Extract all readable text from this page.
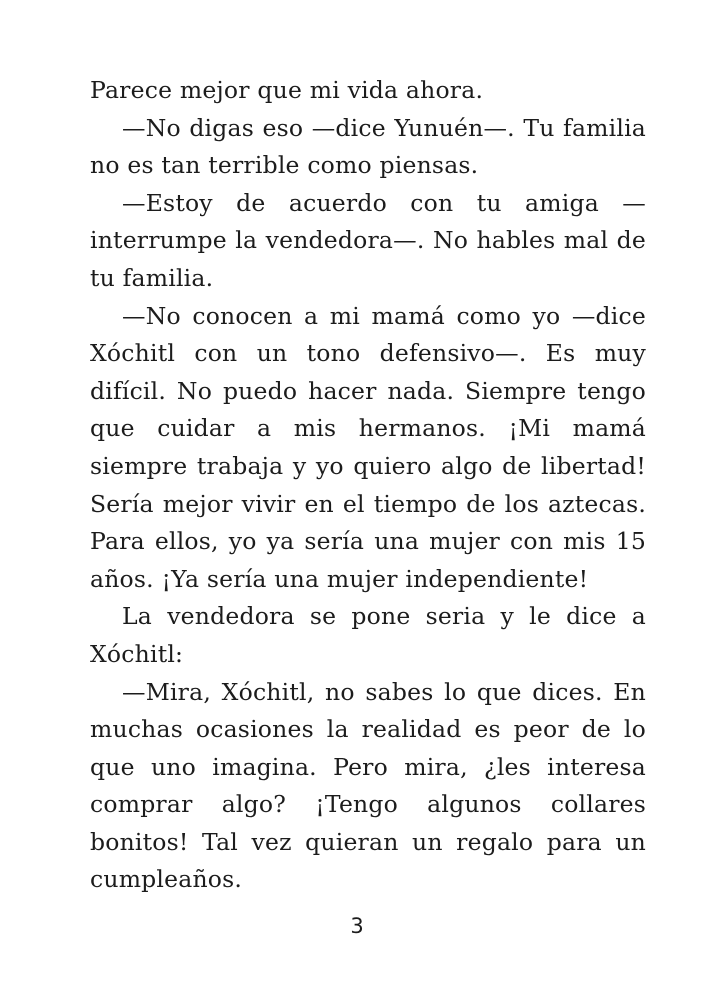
Parece mejor que mi vida ahora.

—No digas eso —dice Yunuén—. Tu familia no es tan terrible como piensas.

—Estoy de acuerdo con tu amiga —interrumpe la vendedora—. No hables mal de tu familia.

—No conocen a mi mamá como yo —dice Xóchitl con un tono defensivo—. Es muy difícil. No puedo hacer nada. Siempre tengo que cuidar a mis hermanos. ¡Mi mamá siempre trabaja y yo quiero algo de libertad! Sería mejor vivir en el tiempo de los aztecas. Para ellos, yo ya sería una mujer con mis 15 años. ¡Ya sería una mujer independiente!

La vendedora se pone seria y le dice a Xóchitl:

—Mira, Xóchitl, no sabes lo que dices. En muchas ocasiones la realidad es peor de lo que uno imagina. Pero mira, ¿les interesa comprar algo? ¡Tengo algunos collares bonitos! Tal vez quieran un regalo para un cumpleaños.

3
